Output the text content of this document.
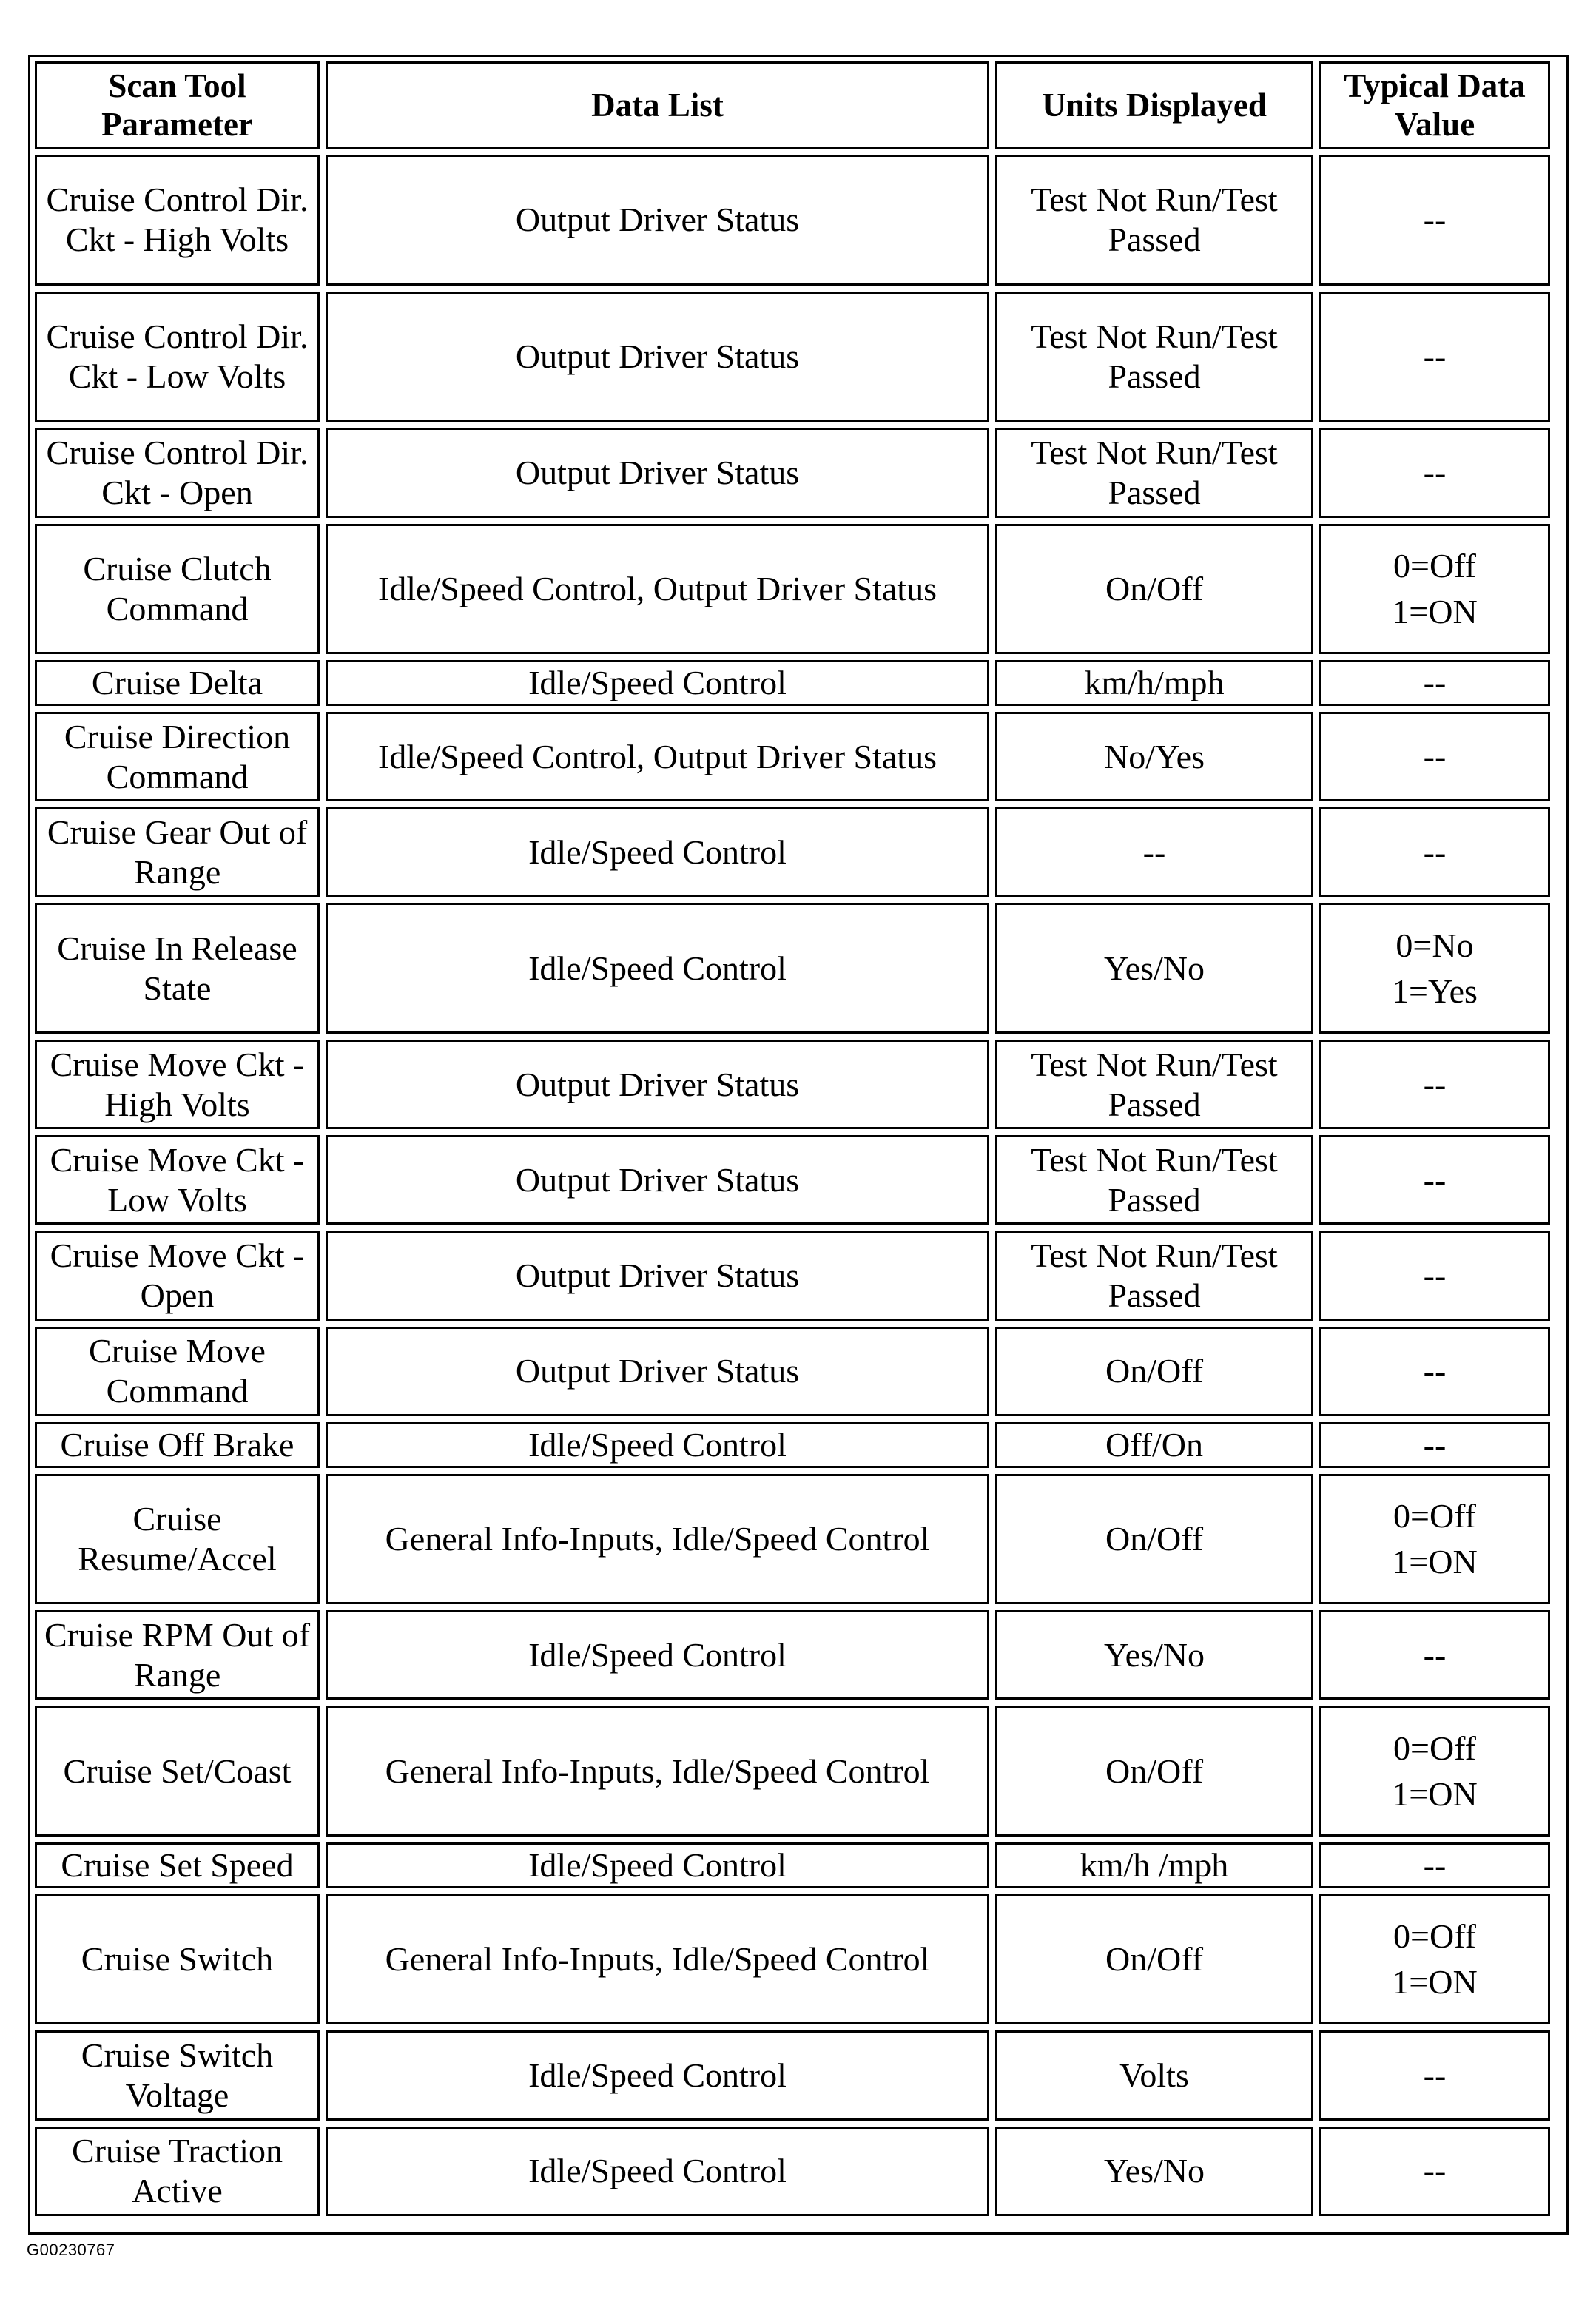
Scan Tool Parameter	Data List	Units Displayed	Typical Data Value
Cruise Control Dir. Ckt - High Volts	Output Driver Status	Test Not Run/Test Passed	--

Cruise Control Dir. Ckt - Low Volts	Output Driver Status	Test Not Run/Test Passed	--

Cruise Control Dir. Ckt - Open	Output Driver Status	Test Not Run/Test Passed	--

Cruise Clutch Command	Idle/Speed Control, Output Driver Status	On/Off	0=Off
1=ON

Cruise Delta	Idle/Speed Control	km/h/mph	--

Cruise Direction Command	Idle/Speed Control, Output Driver Status	No/Yes	--

Cruise Gear Out of Range	Idle/Speed Control	--	--

Cruise In Release State	Idle/Speed Control	Yes/No	0=No
1=Yes

Cruise Move Ckt - High Volts	Output Driver Status	Test Not Run/Test Passed	--

Cruise Move Ckt - Low Volts	Output Driver Status	Test Not Run/Test Passed	--

Cruise Move Ckt - Open	Output Driver Status	Test Not Run/Test Passed	--

Cruise Move Command	Output Driver Status	On/Off	--

Cruise Off Brake	Idle/Speed Control	Off/On	--

Cruise Resume/Accel	General Info-Inputs, Idle/Speed Control	On/Off	0=Off
1=ON

Cruise RPM Out of Range	Idle/Speed Control	Yes/No	--

Cruise Set/Coast	General Info-Inputs, Idle/Speed Control	On/Off	0=Off
1=ON

Cruise Set Speed	Idle/Speed Control	km/h /mph	--

Cruise Switch	General Info-Inputs, Idle/Speed Control	On/Off	0=Off
1=ON

Cruise Switch Voltage	Idle/Speed Control	Volts	--

Cruise Traction Active	Idle/Speed Control	Yes/No	--
G00230767
